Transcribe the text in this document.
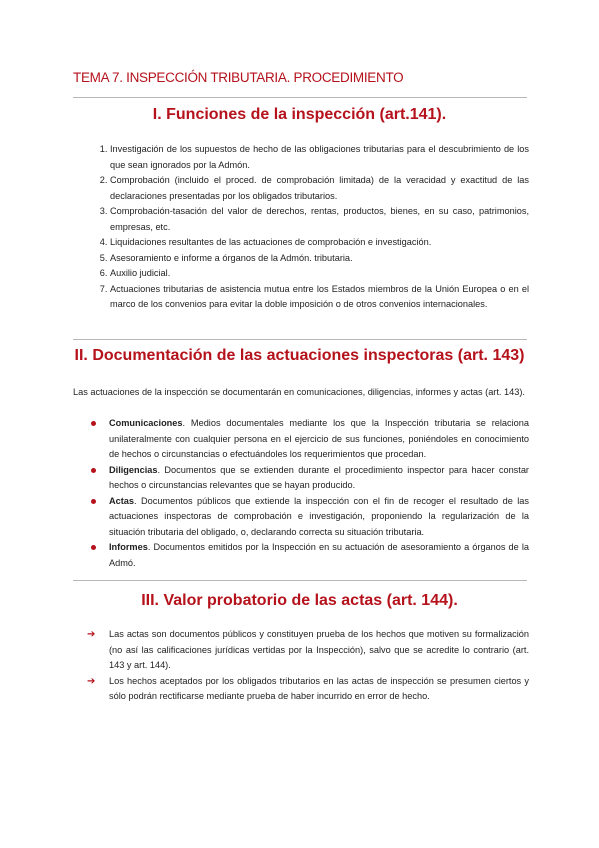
TEMA 7. INSPECCIÓN TRIBUTARIA. PROCEDIMIENTO
I. Funciones de la inspección (art.141).
1. Investigación de los supuestos de hecho de las obligaciones tributarias para el descubrimiento de los que sean ignorados por la Admón.
2. Comprobación (incluido el proced. de comprobación limitada) de la veracidad y exactitud de las declaraciones presentadas por los obligados tributarios.
3. Comprobación-tasación del valor de derechos, rentas, productos, bienes, en su caso, patrimonios, empresas, etc.
4. Liquidaciones resultantes de las actuaciones de comprobación e investigación.
5. Asesoramiento e informe a órganos de la Admón. tributaria.
6. Auxilio judicial.
7. Actuaciones tributarias de asistencia mutua entre los Estados miembros de la Unión Europea o en el marco de los convenios para evitar la doble imposición o de otros convenios internacionales.
II. Documentación de las actuaciones inspectoras (art. 143)
Las actuaciones de la inspección se documentarán en comunicaciones, diligencias, informes y actas (art. 143).
Comunicaciones. Medios documentales mediante los que la Inspección tributaria se relaciona unilateralmente con cualquier persona en el ejercicio de sus funciones, poniéndoles en conocimiento de hechos o circunstancias o efectuándoles los requerimientos que procedan.
Diligencias. Documentos que se extienden durante el procedimiento inspector para hacer constar hechos o circunstancias relevantes que se hayan producido.
Actas. Documentos públicos que extiende la inspección con el fin de recoger el resultado de las actuaciones inspectoras de comprobación e investigación, proponiendo la regularización de la situación tributaria del obligado, o, declarando correcta su situación tributaria.
Informes. Documentos emitidos por la Inspección en su actuación de asesoramiento a órganos de la Admó.
III. Valor probatorio de las actas (art. 144).
➔ Las actas son documentos públicos y constituyen prueba de los hechos que motiven su formalización (no así las calificaciones jurídicas vertidas por la Inspección), salvo que se acredite lo contrario (art. 143 y art. 144).
➔ Los hechos aceptados por los obligados tributarios en las actas de inspección se presumen ciertos y sólo podrán rectificarse mediante prueba de haber incurrido en error de hecho.
